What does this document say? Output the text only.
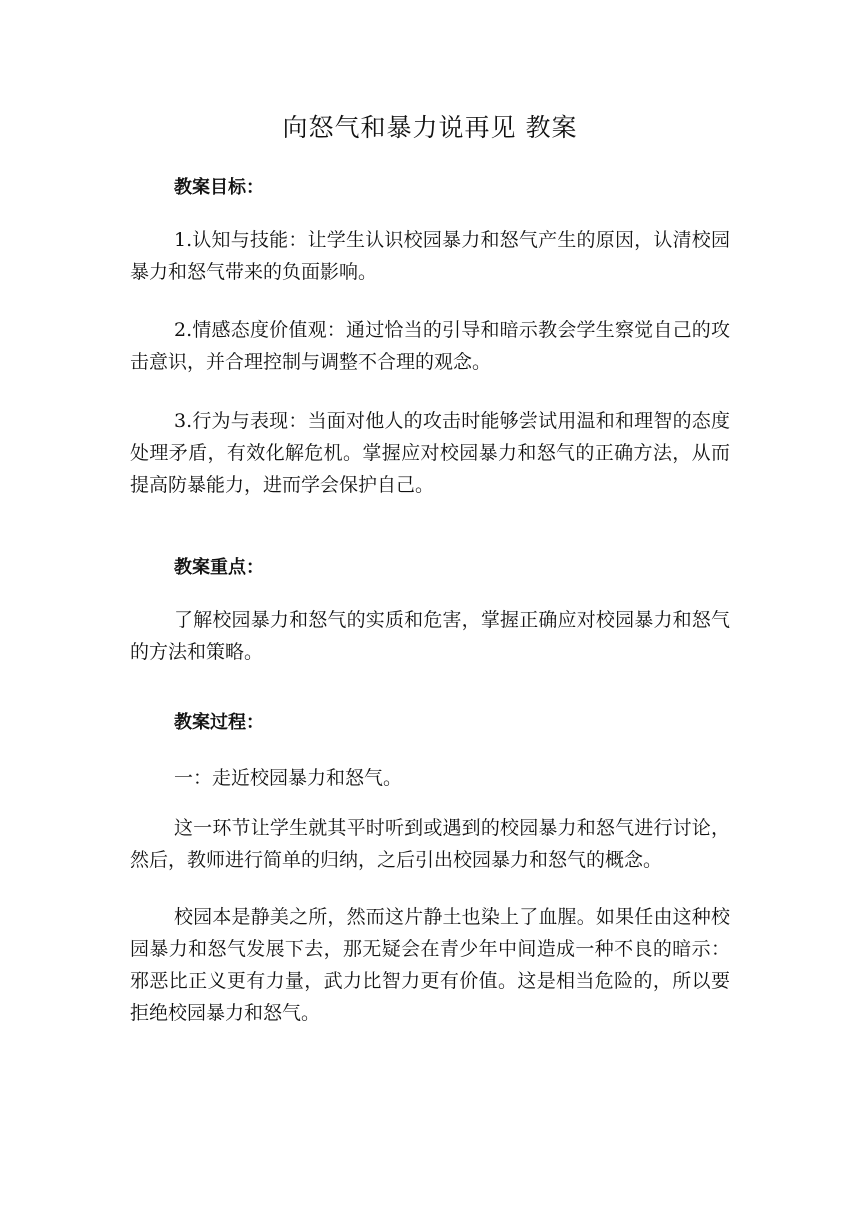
向怒气和暴力说再见 教案
教案目标：

1.认知与技能：让学生认识校园暴力和怒气产生的原因，认清校园暴力和怒气带来的负面影响。

2.情感态度价值观：通过恰当的引导和暗示教会学生察觉自己的攻击意识，并合理控制与调整不合理的观念。

3.行为与表现：当面对他人的攻击时能够尝试用温和和理智的态度处理矛盾，有效化解危机。掌握应对校园暴力和怒气的正确方法，从而提高防暴能力，进而学会保护自己。

教案重点：

了解校园暴力和怒气的实质和危害，掌握正确应对校园暴力和怒气的方法和策略。

教案过程：

一：走近校园暴力和怒气。

这一环节让学生就其平时听到或遇到的校园暴力和怒气进行讨论，然后，教师进行简单的归纳，之后引出校园暴力和怒气的概念。

校园本是静美之所，然而这片静土也染上了血腥。如果任由这种校园暴力和怒气发展下去，那无疑会在青少年中间造成一种不良的暗示：邪恶比正义更有力量，武力比智力更有价值。这是相当危险的，所以要拒绝校园暴力和怒气。
